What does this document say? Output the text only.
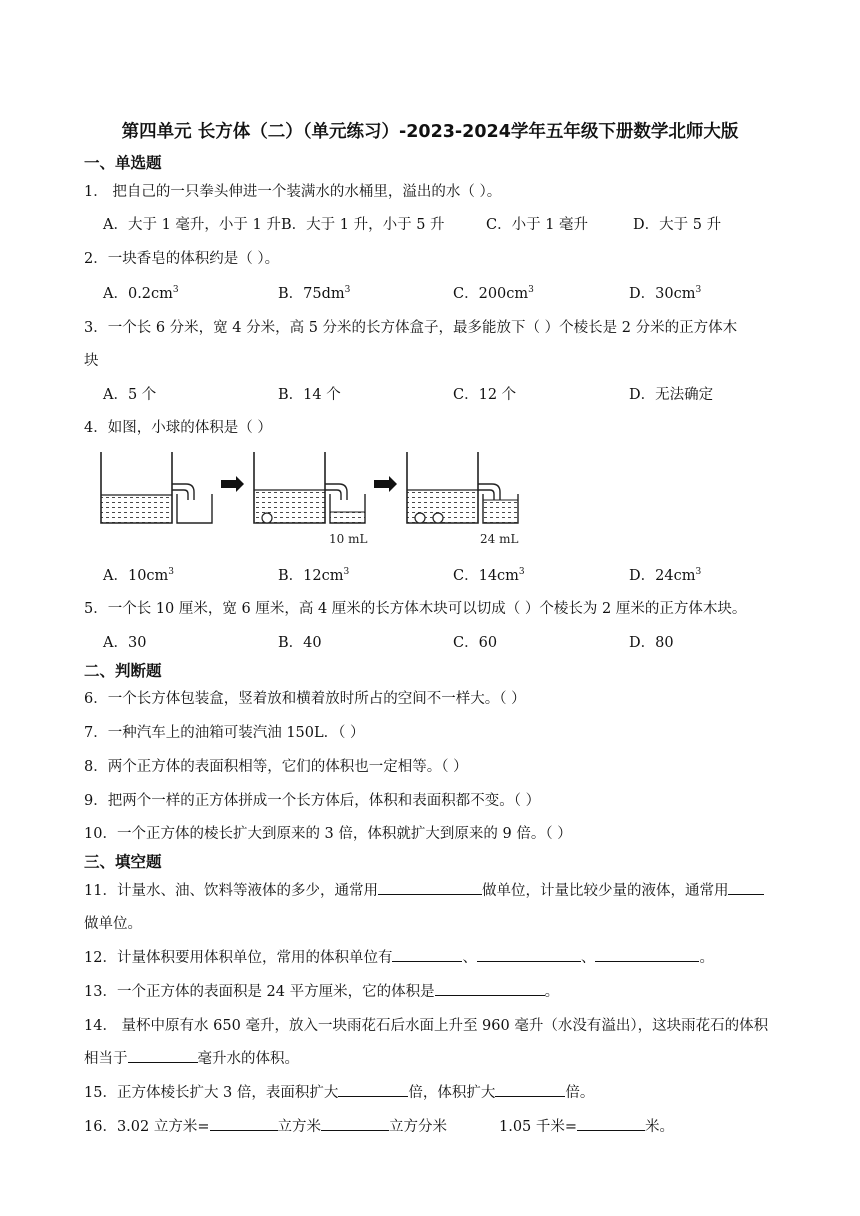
第四单元 长方体（二）（单元练习）-2023-2024学年五年级下册数学北师大版
一、单选题
1． 把自己的一只拳头伸进一个装满水的水桶里，溢出的水（ ）。
A．大于 1 毫升，小于 1 升 B．大于 1 升，小于 5 升	C．小于 1 毫升	D．大于 5 升
2．一块香皂的体积约是（ ）。
A．$0.2cm^3$	B．$75dm^3$	C．$200cm^3$	D．$30cm^3$
3．一个长 6 分米，宽 4 分米，高 5 分米的长方体盒子，最多能放下（ ）个棱长是 2 分米的正方体木
块
A．5 个	B．14 个	C．12 个	D．无法确定
4．如图，小球的体积是（ ）
10 mL	24 mL
A．$10cm^3$	B．$12cm^3$	C．$14cm^3$	D．$24cm^3$
5．一个长 10 厘米，宽 6 厘米，高 4 厘米的长方体木块可以切成（ ）个棱长为 2 厘米的正方体木块。
A．30	B．40	C．60	D．80
二、判断题
6．一个长方体包装盒，竖着放和横着放时所占的空间不一样大。（ ）
7．一种汽车上的油箱可装汽油 150L．（ ）
8．两个正方体的表面积相等，它们的体积也一定相等。（ ）
9．把两个一样的正方体拼成一个长方体后，体积和表面积都不变。（ ）
10．一个正方体的棱长扩大到原来的 3 倍，体积就扩大到原来的 9 倍。（ ）
三、填空题
11．计量水、油、饮料等液体的多少，通常用	做单位，计量比较少量的液体，通常用
做单位。
12．计量体积要用体积单位，常用的体积单位有	、	、	。
13．一个正方体的表面积是 24 平方厘米，它的体积是	。
14． 量杯中原有水 650 毫升，放入一块雨花石后水面上升至 960 毫升（水没有溢出），这块雨花石的体积
相当于	毫升水的体积。
15．正方体棱长扩大 3 倍，表面积扩大	倍，体积扩大	倍。
16．3.02 立方米=	立方米	立方分米	1.05 千米=	米。
